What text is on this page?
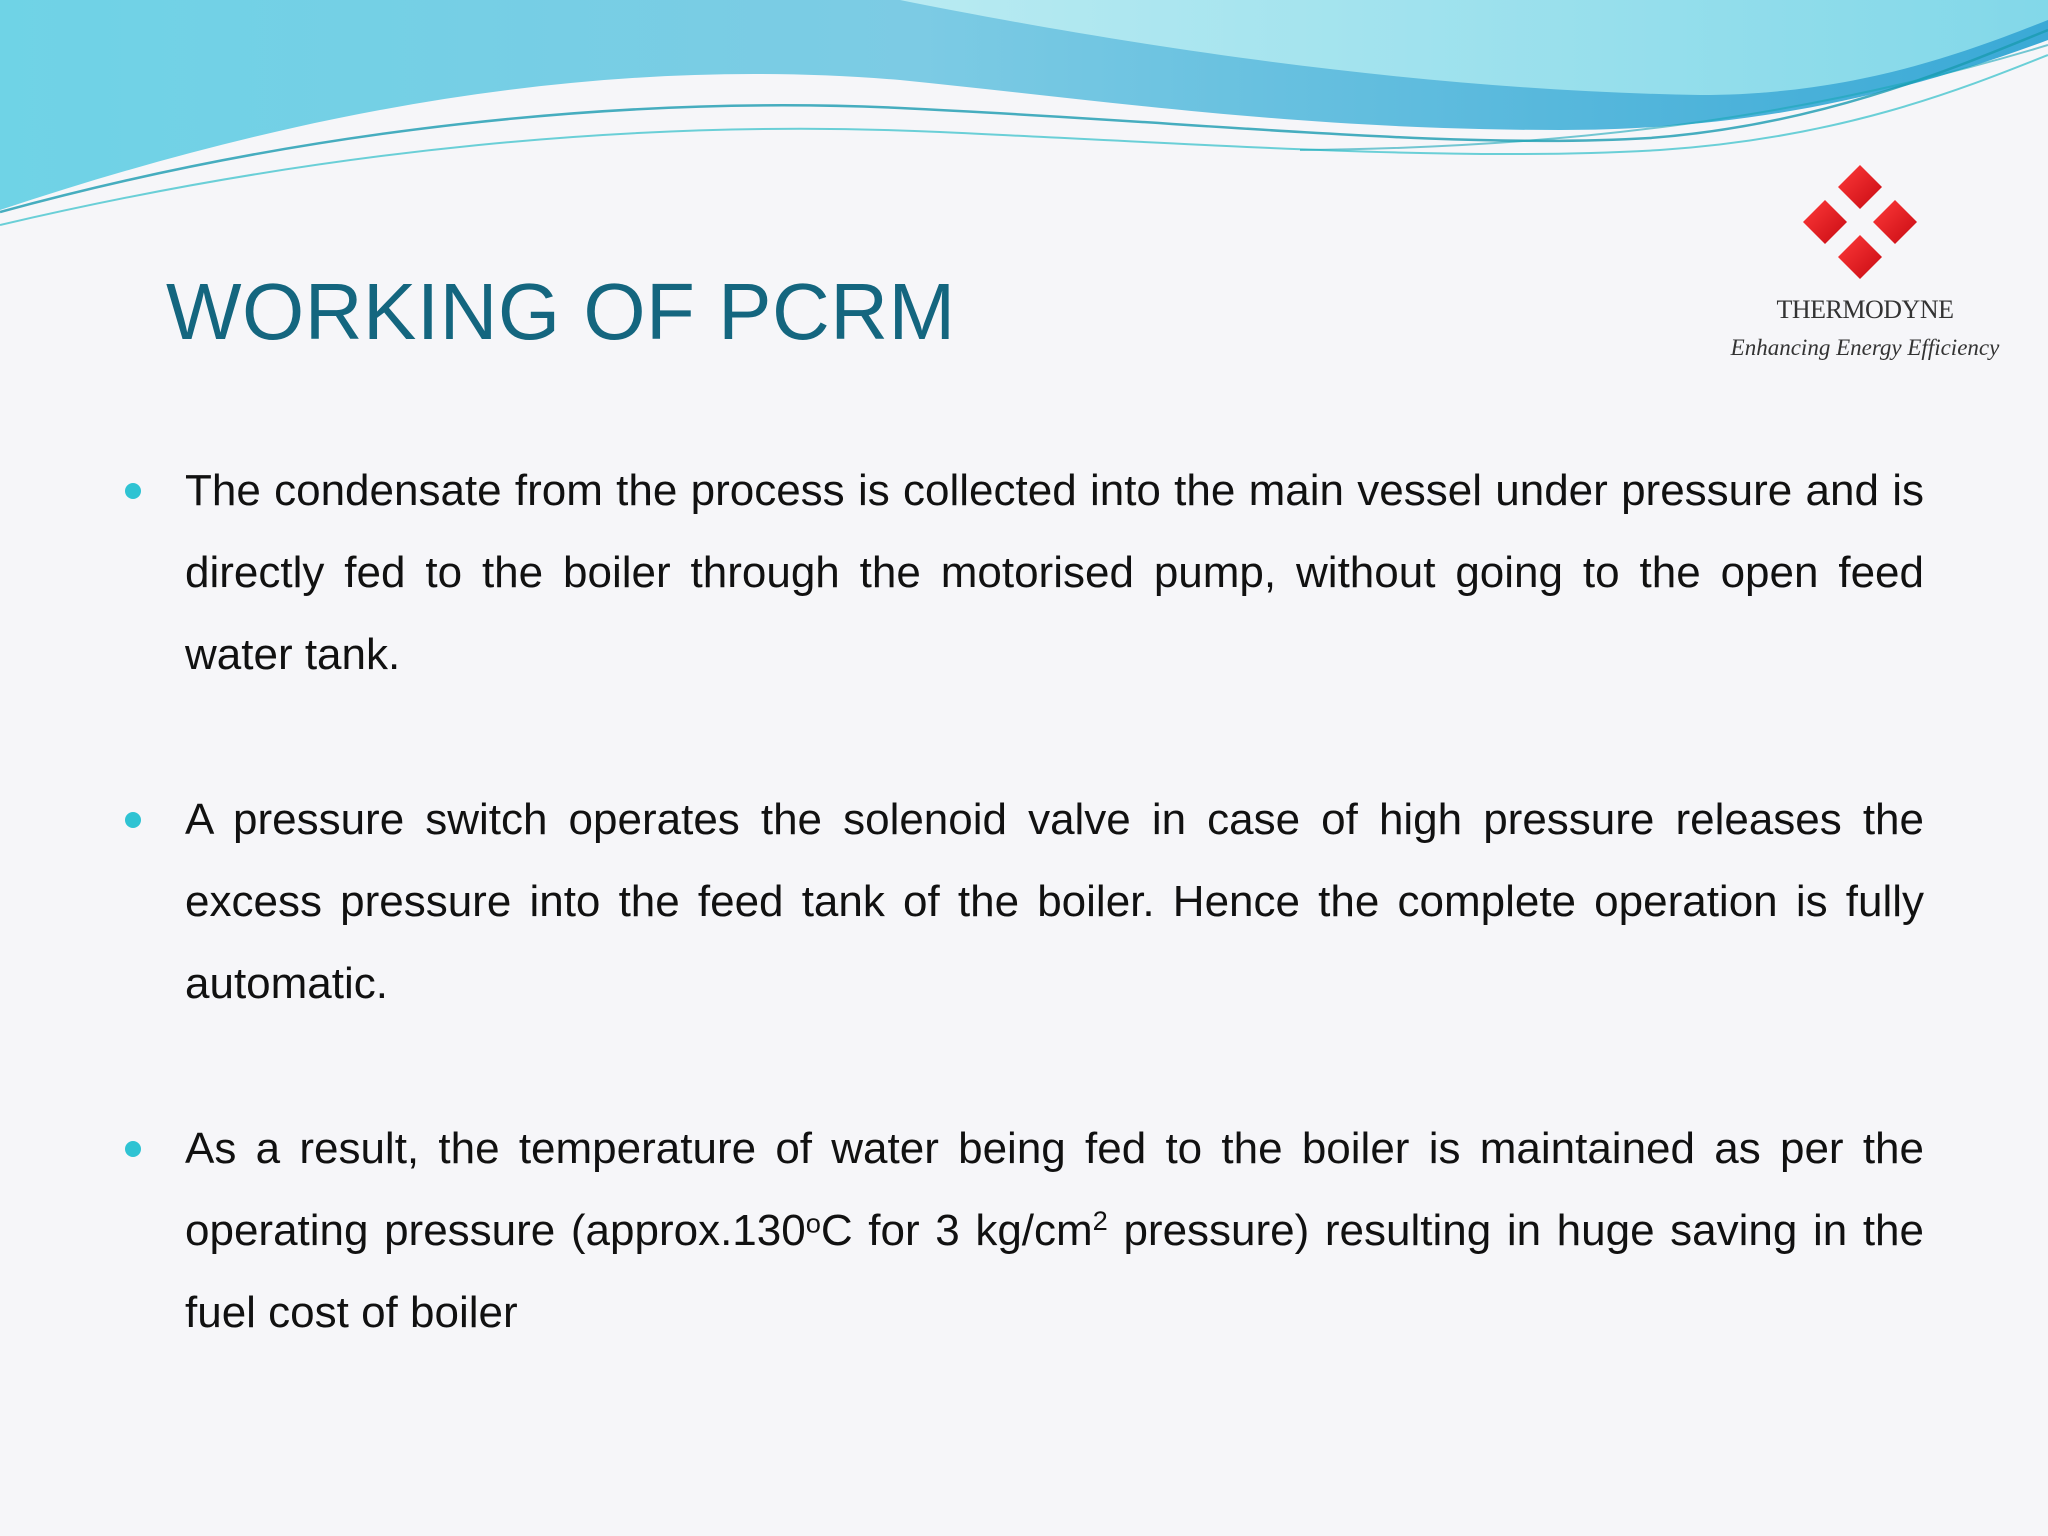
WORKING OF PCRM	THERMODYNE
Enhancing Energy Efficiency
The condensate from the process is collected into the main vessel under pressure and is directly fed to the boiler through the motorised pump, without going to the open feed water tank.
A pressure switch operates the solenoid valve in case of high pressure releases the excess pressure into the feed tank of the boiler. Hence the complete operation is fully automatic.
As a result, the temperature of water being fed to the boiler is maintained as per the operating pressure ($approx.130_oC$ for 3 $kg/cm^2$ pressure) resulting in huge saving in the fuel cost of boiler
